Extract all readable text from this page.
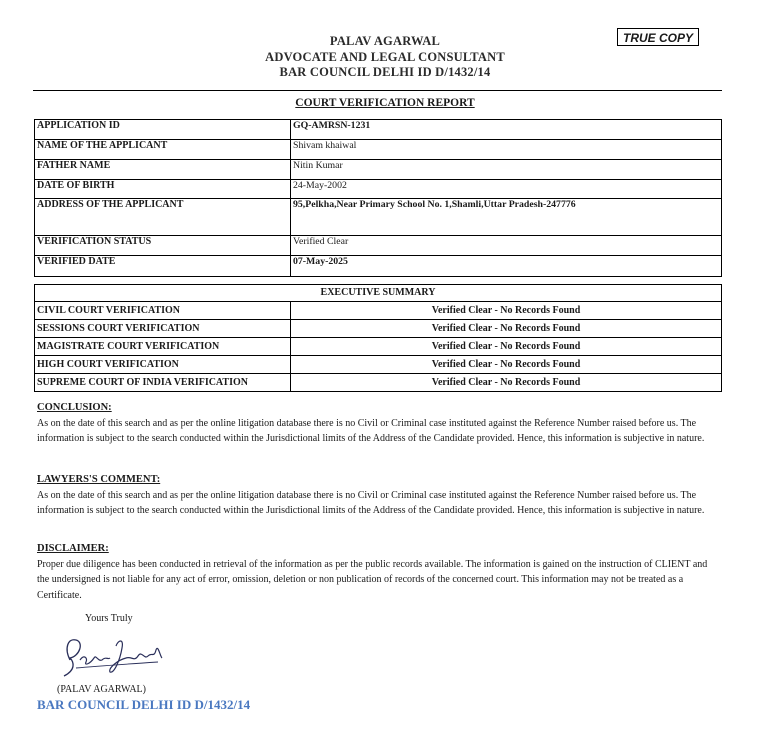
TRUE COPY
PALAV AGARWAL
ADVOCATE AND LEGAL CONSULTANT
BAR COUNCIL DELHI ID D/1432/14
COURT VERIFICATION REPORT
APPLICATION ID	GQ-AMRSN-1231
NAME OF THE APPLICANT	Shivam khaiwal
FATHER NAME	Nitin Kumar
DATE OF BIRTH	24-May-2002
ADDRESS OF THE APPLICANT	95,Pelkha,Near Primary School No. 1,Shamli,Uttar Pradesh-247776
VERIFICATION STATUS	Verified Clear
VERIFIED DATE	07-May-2025
EXECUTIVE SUMMARY	
CIVIL COURT VERIFICATION	Verified Clear - No Records Found
SESSIONS COURT VERIFICATION	Verified Clear - No Records Found
MAGISTRATE COURT VERIFICATION	Verified Clear - No Records Found
HIGH COURT VERIFICATION	Verified Clear - No Records Found
SUPREME COURT OF INDIA VERIFICATION	Verified Clear - No Records Found
CONCLUSION:
As on the date of this search and as per the online litigation database there is no Civil or Criminal case instituted against the Reference Number raised before us. The information is subject to the search conducted within the Jurisdictional limits of the Address of the Candidate provided. Hence, this information is subjective in nature.
LAWYERS'S COMMENT:
As on the date of this search and as per the online litigation database there is no Civil or Criminal case instituted against the Reference Number raised before us. The information is subject to the search conducted within the Jurisdictional limits of the Address of the Candidate provided. Hence, this information is subjective in nature.
DISCLAIMER:
Proper due diligence has been conducted in retrieval of the information as per the public records available. The information is gained on the instruction of CLIENT and the undersigned is not liable for any act of error, omission, deletion or non publication of records of the concerned court. This information may not be treated as a Certificate.
Yours Truly
(PALAV AGARWAL)
BAR COUNCIL DELHI ID D/1432/14
